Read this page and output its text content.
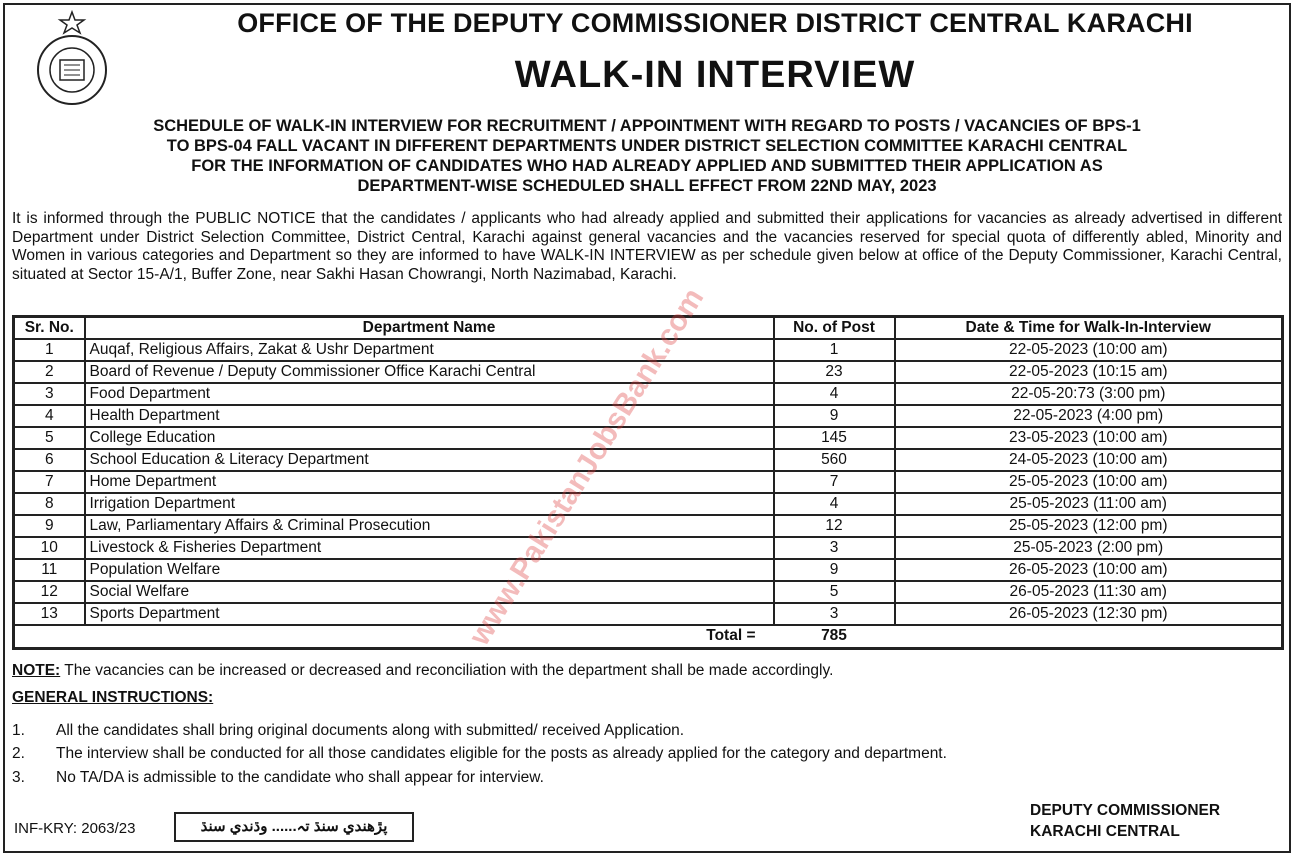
OFFICE OF THE DEPUTY COMMISSIONER DISTRICT CENTRAL KARACHI
WALK-IN INTERVIEW
SCHEDULE OF WALK-IN INTERVIEW FOR RECRUITMENT / APPOINTMENT WITH REGARD TO POSTS / VACANCIES OF BPS-1
TO BPS-04 FALL VACANT IN DIFFERENT DEPARTMENTS UNDER DISTRICT SELECTION COMMITTEE KARACHI CENTRAL
FOR THE INFORMATION OF CANDIDATES WHO HAD ALREADY APPLIED AND SUBMITTED THEIR APPLICATION AS
DEPARTMENT-WISE SCHEDULED SHALL EFFECT FROM 22ND MAY, 2023
It is informed through the PUBLIC NOTICE that the candidates / applicants who had already applied and submitted their applications for vacancies as already advertised in different Department under District Selection Committee, District Central, Karachi against general vacancies and the vacancies reserved for special quota of differently abled, Minority and Women in various categories and Department so they are informed to have WALK-IN INTERVIEW as per schedule given below at office of the Deputy Commissioner, Karachi Central, situated at Sector 15-A/1, Buffer Zone, near Sakhi Hasan Chowrangi, North Nazimabad, Karachi.
Sr. No.	Department Name	No. of Post	Date & Time for Walk-In-Interview
1	Auqaf, Religious Affairs, Zakat & Ushr Department	1	22-05-2023 (10:00 am)
2	Board of Revenue / Deputy Commissioner Office Karachi Central	23	22-05-2023 (10:15 am)
3	Food Department	4	22-05-20:73 (3:00 pm)
4	Health Department	9	22-05-2023 (4:00 pm)
5	College Education	145	23-05-2023 (10:00 am)
6	School Education & Literacy Department	560	24-05-2023 (10:00 am)
7	Home Department	7	25-05-2023 (10:00 am)
8	Irrigation Department	4	25-05-2023 (11:00 am)
9	Law, Parliamentary Affairs & Criminal Prosecution	12	25-05-2023 (12:00 pm)
10	Livestock & Fisheries Department	3	25-05-2023 (2:00 pm)
11	Population Welfare	9	26-05-2023 (10:00 am)
12	Social Welfare	5	26-05-2023 (11:30 am)
13	Sports Department	3	26-05-2023 (12:30 pm)
	Total =	785	
www.PakistanJobsBank.com
NOTE: The vacancies can be increased or decreased and reconciliation with the department shall be made accordingly.
GENERAL INSTRUCTIONS:
1. All the candidates shall bring original documents along with submitted/ received Application.
2. The interview shall be conducted for all those candidates eligible for the posts as already applied for the category and department.
3. No TA/DA is admissible to the candidate who shall appear for interview.
INF-KRY: 2063/23	پڙهندي سنڌ تہ...... وڌندي سنڌ
DEPUTY COMMISSIONER
KARACHI CENTRAL
